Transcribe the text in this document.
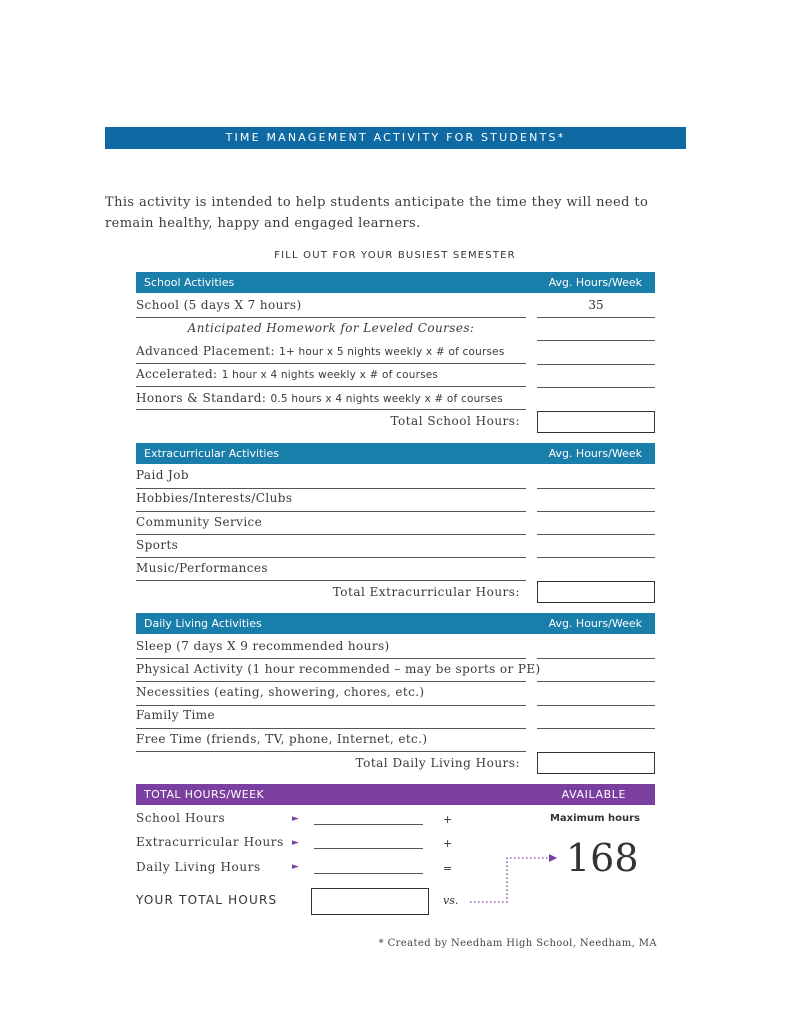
TIME MANAGEMENT ACTIVITY FOR STUDENTS*
This activity is intended to help students anticipate the time they will need to remain healthy, happy and engaged learners.
FILL OUT FOR YOUR BUSIEST SEMESTER
School Activities	Avg. Hours/Week
School (5 days X 7 hours)	35
Anticipated Homework for Leveled Courses:
Advanced Placement: 1+ hour x 5 nights weekly x # of courses
Accelerated: 1 hour x 4 nights weekly x # of courses
Honors & Standard: 0.5 hours x 4 nights weekly x # of courses
Total School Hours:
Extracurricular Activities	Avg. Hours/Week
Paid Job
Hobbies/Interests/Clubs
Community Service
Sports
Music/Performances
Total Extracurricular Hours:
Daily Living Activities	Avg. Hours/Week
Sleep (7 days X 9 recommended hours)
Physical Activity (1 hour recommended – may be sports or PE)
Necessities (eating, showering, chores, etc.)
Family Time
Free Time (friends, TV, phone, Internet, etc.)
Total Daily Living Hours:
TOTAL HOURS/WEEK	AVAILABLE
School Hours	►	+
Extracurricular Hours ►	+
Daily Living Hours	►	=
Maximum hours
168
YOUR TOTAL HOURS	vs.
* Created by Needham High School, Needham, MA
